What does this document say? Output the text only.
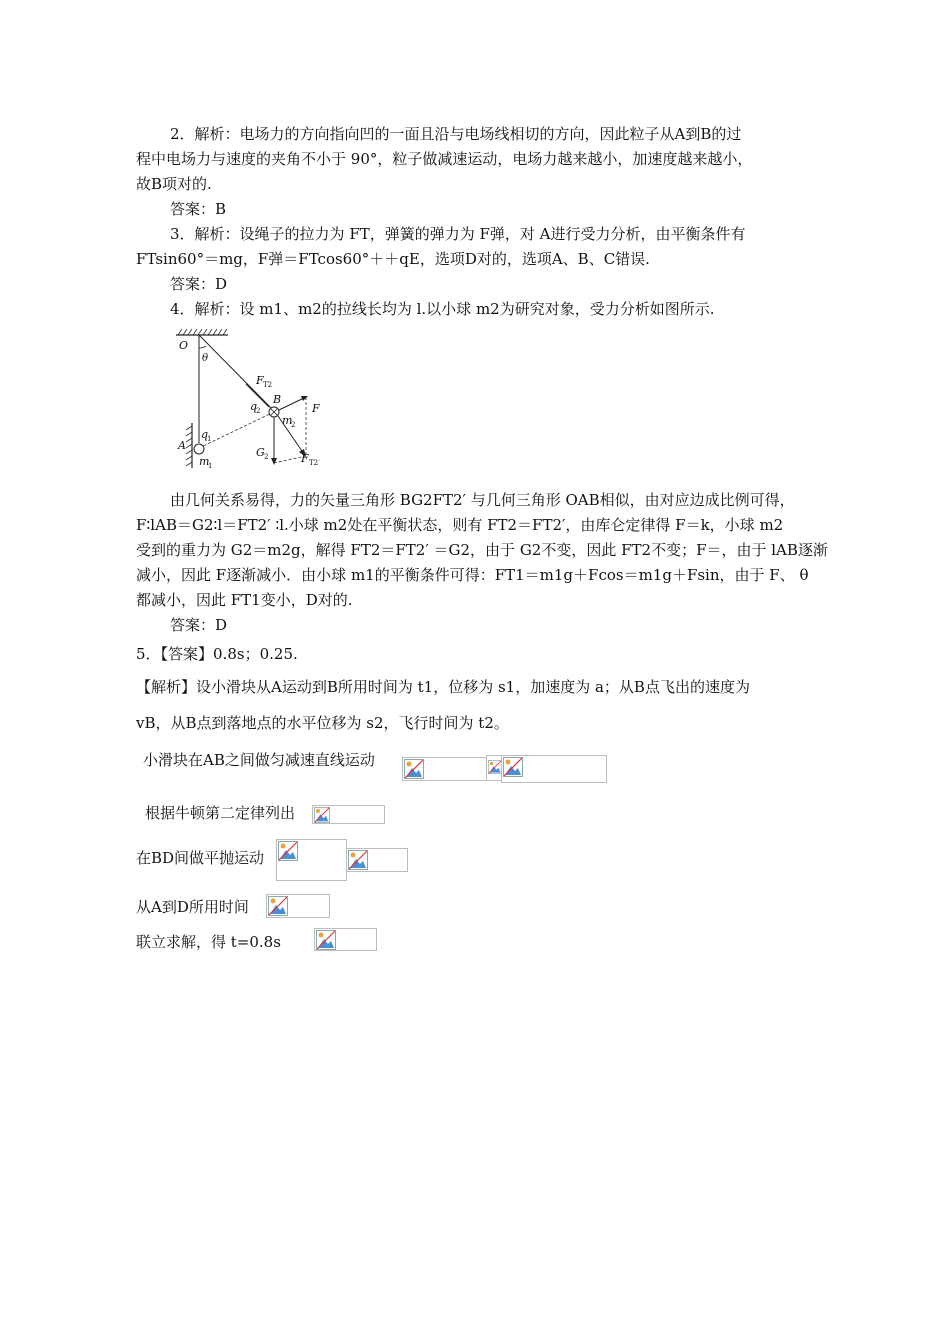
2．解析：电场力的方向指向凹的一面且沿与电场线相切的方向，因此粒子从A到B的过
程中电场力与速度的夹角不小于 90°，粒子做减速运动，电场力越来越小，加速度越来越小，
故B项对的.
答案：B
3．解析：设绳子的拉力为 FT，弹簧的弹力为 F弹，对 A进行受力分析，由平衡条件有
FTsin60°＝mg，F弹＝FTcos60°＋＋qE，选项D对的，选项A、B、C错误.
答案：D
4．解析：设 m1、m2的拉线长均为 l.以小球 m2为研究对象，受力分析如图所示.
O
θ
F T2
B
q
2
m
2
F
A
q
1
m
1
G 2	F T2′
由几何关系易得，力的矢量三角形 BG2FT2′ 与几何三角形 OAB相似，由对应边成比例可得，
F∶lAB＝G2∶l＝FT2′ ∶l.小球 m2处在平衡状态，则有 FT2＝FT2′，由库仑定律得 F＝k，小球 m2
受到的重力为 G2＝m2g，解得 FT2＝FT2′ ＝G2，由于 G2不变，因此 FT2不变；F＝，由于 lAB逐渐
减小，因此 F逐渐减小．由小球 m1的平衡条件可得：FT1＝m1g＋Fcos＝m1g＋Fsin，由于 F、 θ
都减小，因此 FT1变小，D对的.
答案：D
5．【答案】0.8s；0.25.
【解析】设小滑块从A运动到B所用时间为 t1，位移为 s1，加速度为 a；从B点飞出的速度为
vB，从B点到落地点的水平位移为 s2，飞行时间为 t2。
小滑块在AB之间做匀减速直线运动
根据牛顿第二定律列出
在BD间做平抛运动
从A到D所用时间
联立求解，得 t=0.8s
